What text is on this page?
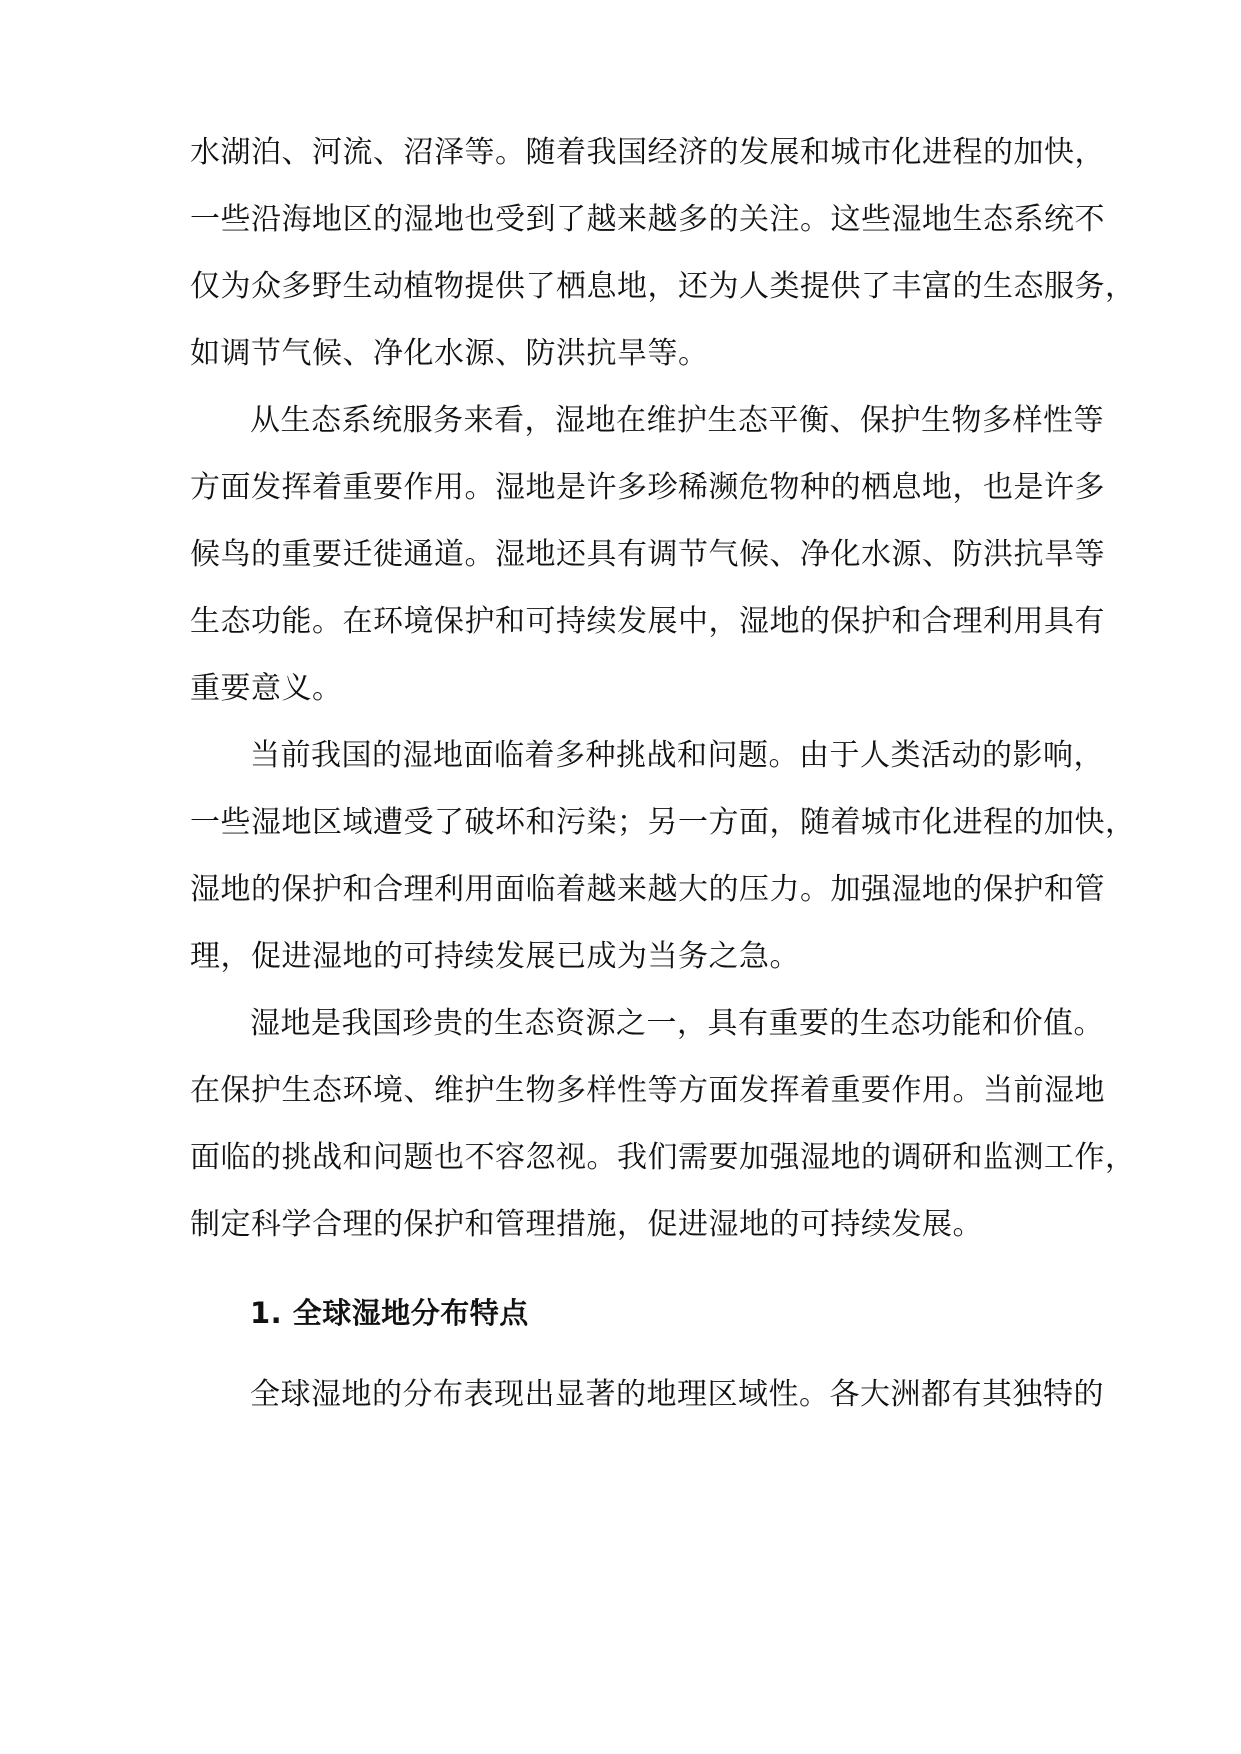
水湖泊、河流、沼泽等。随着我国经济的发展和城市化进程的加快，
一些沿海地区的湿地也受到了越来越多的关注。这些湿地生态系统不
仅为众多野生动植物提供了栖息地，还为人类提供了丰富的生态服务，
如调节气候、净化水源、防洪抗旱等。
从生态系统服务来看，湿地在维护生态平衡、保护生物多样性等
方面发挥着重要作用。湿地是许多珍稀濒危物种的栖息地，也是许多
候鸟的重要迁徙通道。湿地还具有调节气候、净化水源、防洪抗旱等
生态功能。在环境保护和可持续发展中，湿地的保护和合理利用具有
重要意义。
当前我国的湿地面临着多种挑战和问题。由于人类活动的影响，
一些湿地区域遭受了破坏和污染；另一方面，随着城市化进程的加快，
湿地的保护和合理利用面临着越来越大的压力。加强湿地的保护和管
理，促进湿地的可持续发展已成为当务之急。
湿地是我国珍贵的生态资源之一，具有重要的生态功能和价值。
在保护生态环境、维护生物多样性等方面发挥着重要作用。当前湿地
面临的挑战和问题也不容忽视。我们需要加强湿地的调研和监测工作，
制定科学合理的保护和管理措施，促进湿地的可持续发展。
1. 全球湿地分布特点
全球湿地的分布表现出显著的地理区域性。各大洲都有其独特的
